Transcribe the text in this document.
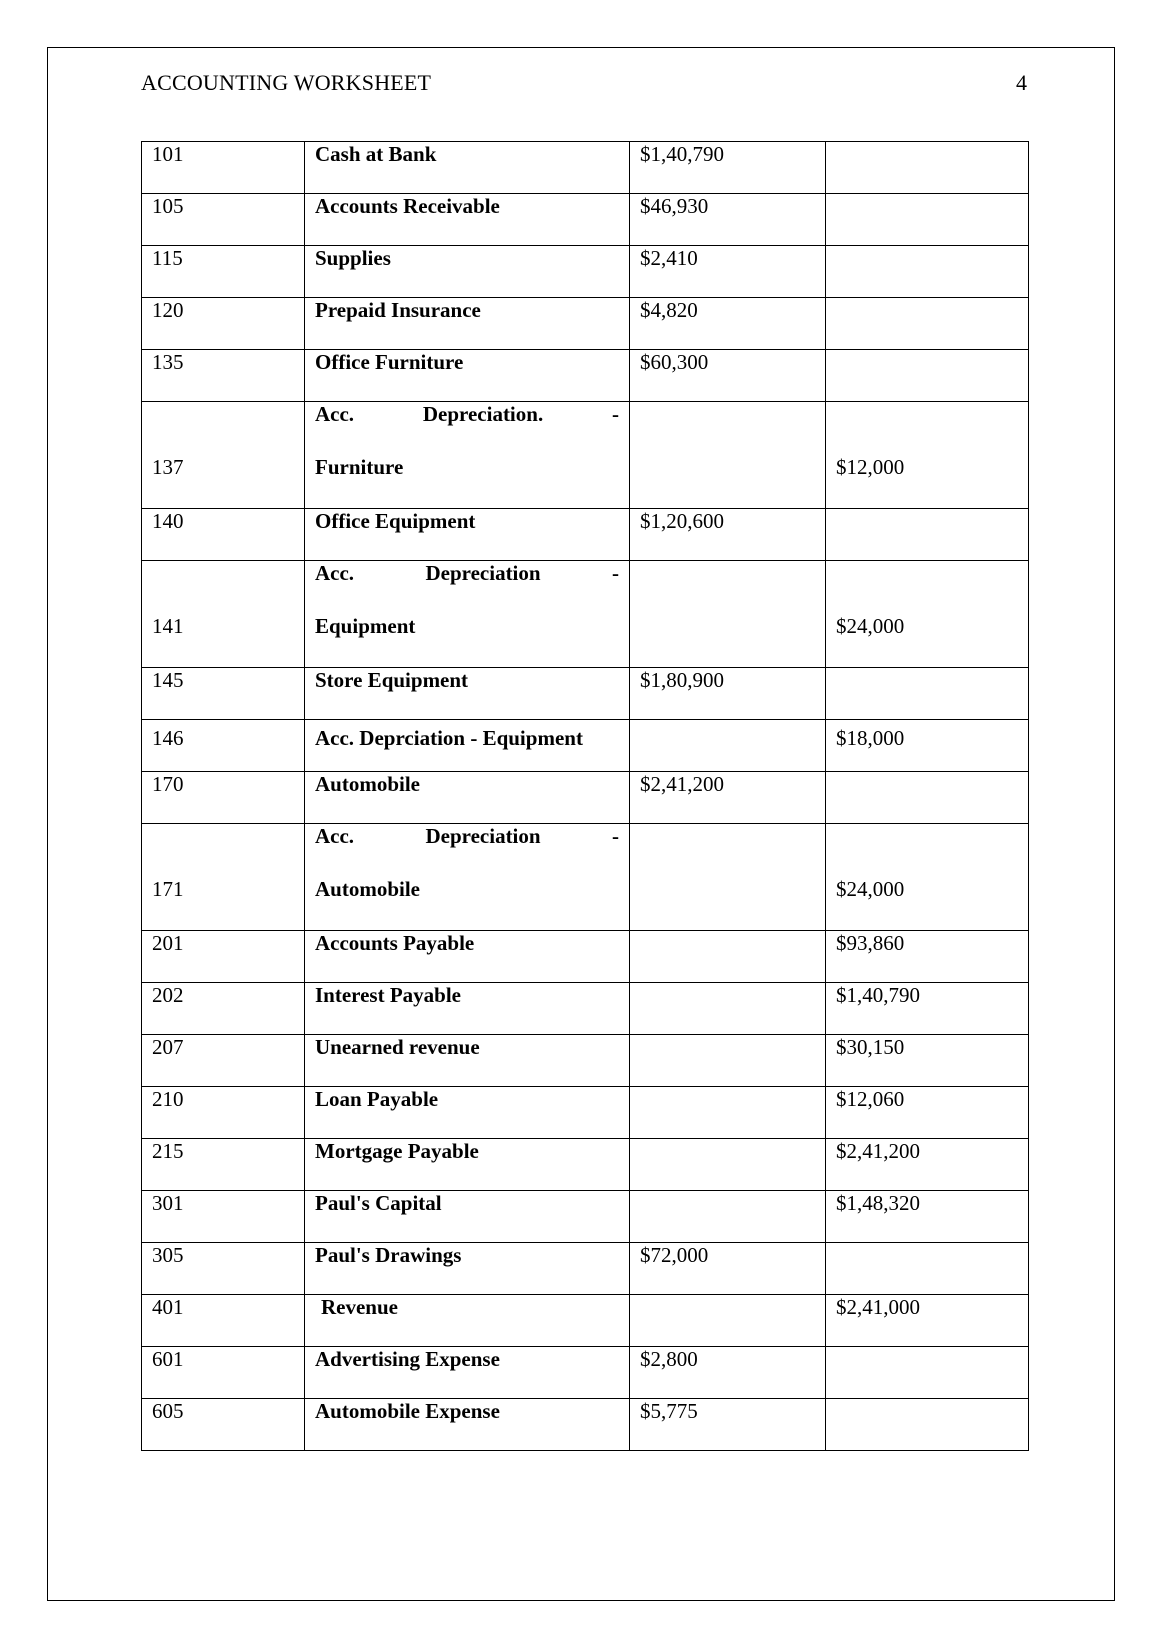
ACCOUNTING WORKSHEET	4
101	Cash at Bank	$1,40,790	

105	Accounts Receivable	$46,930	

115	Supplies	$2,410	

120	Prepaid Insurance	$4,820	

135	Office Furniture	$60,300	

137	Acc. Depreciation. -
Furniture		$12,000

140	Office Equipment	$1,20,600	

141	Acc. Depreciation -
Equipment		$24,000

145	Store Equipment	$1,80,900	

146	Acc. Deprciation - Equipment		$18,000

170	Automobile	$2,41,200	

171	Acc. Depreciation -
Automobile		$24,000

201	Accounts Payable		$93,860

202	Interest Payable		$1,40,790

207	Unearned revenue		$30,150

210	Loan Payable		$12,060

215	Mortgage Payable		$2,41,200

301	Paul's Capital		$1,48,320

305	Paul's Drawings	$72,000	

401	Revenue		$2,41,000

601	Advertising Expense	$2,800	

605	Automobile Expense	$5,775	
